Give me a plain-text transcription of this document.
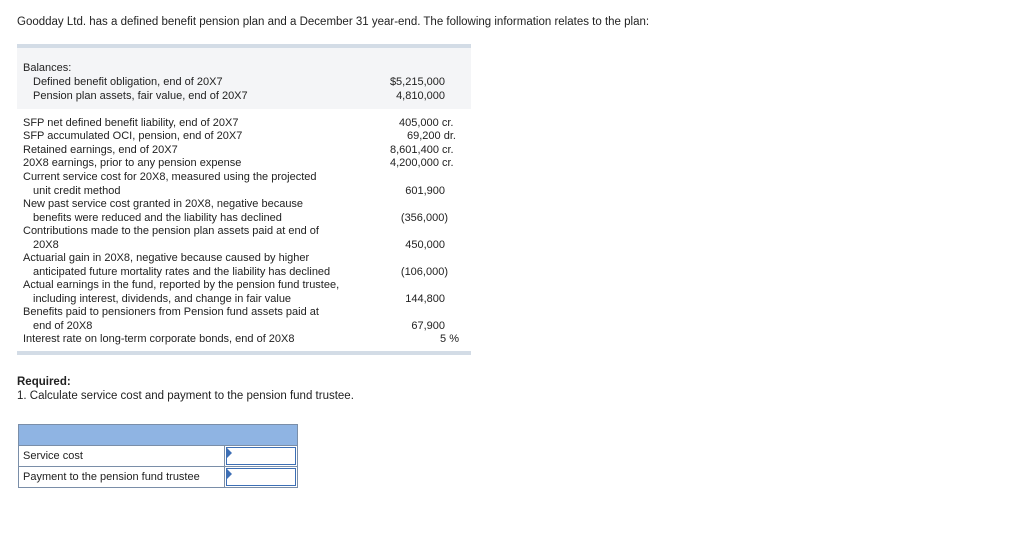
Goodday Ltd. has a defined benefit pension plan and a December 31 year-end. The following information relates to the plan:
Balances:
Defined benefit obligation, end of 20X7	$5,215,000
Pension plan assets, fair value, end of 20X7	4,810,000
SFP net defined benefit liability, end of 20X7	405,000 cr.
SFP accumulated OCI, pension, end of 20X7	69,200 dr.
Retained earnings, end of 20X7	8,601,400 cr.
20X8 earnings, prior to any pension expense	4,200,000 cr.
Current service cost for 20X8, measured using the projected
unit credit method	601,900
New past service cost granted in 20X8, negative because
benefits were reduced and the liability has declined	(356,000)
Contributions made to the pension plan assets paid at end of
20X8	450,000
Actuarial gain in 20X8, negative because caused by higher
anticipated future mortality rates and the liability has declined	(106,000)
Actual earnings in the fund, reported by the pension fund trustee,
including interest, dividends, and change in fair value	144,800
Benefits paid to pensioners from Pension fund assets paid at
end of 20X8	67,900
Interest rate on long-term corporate bonds, end of 20X8	5 %
Required:
1. Calculate service cost and payment to the pension fund trustee.
Service cost
Payment to the pension fund trustee
